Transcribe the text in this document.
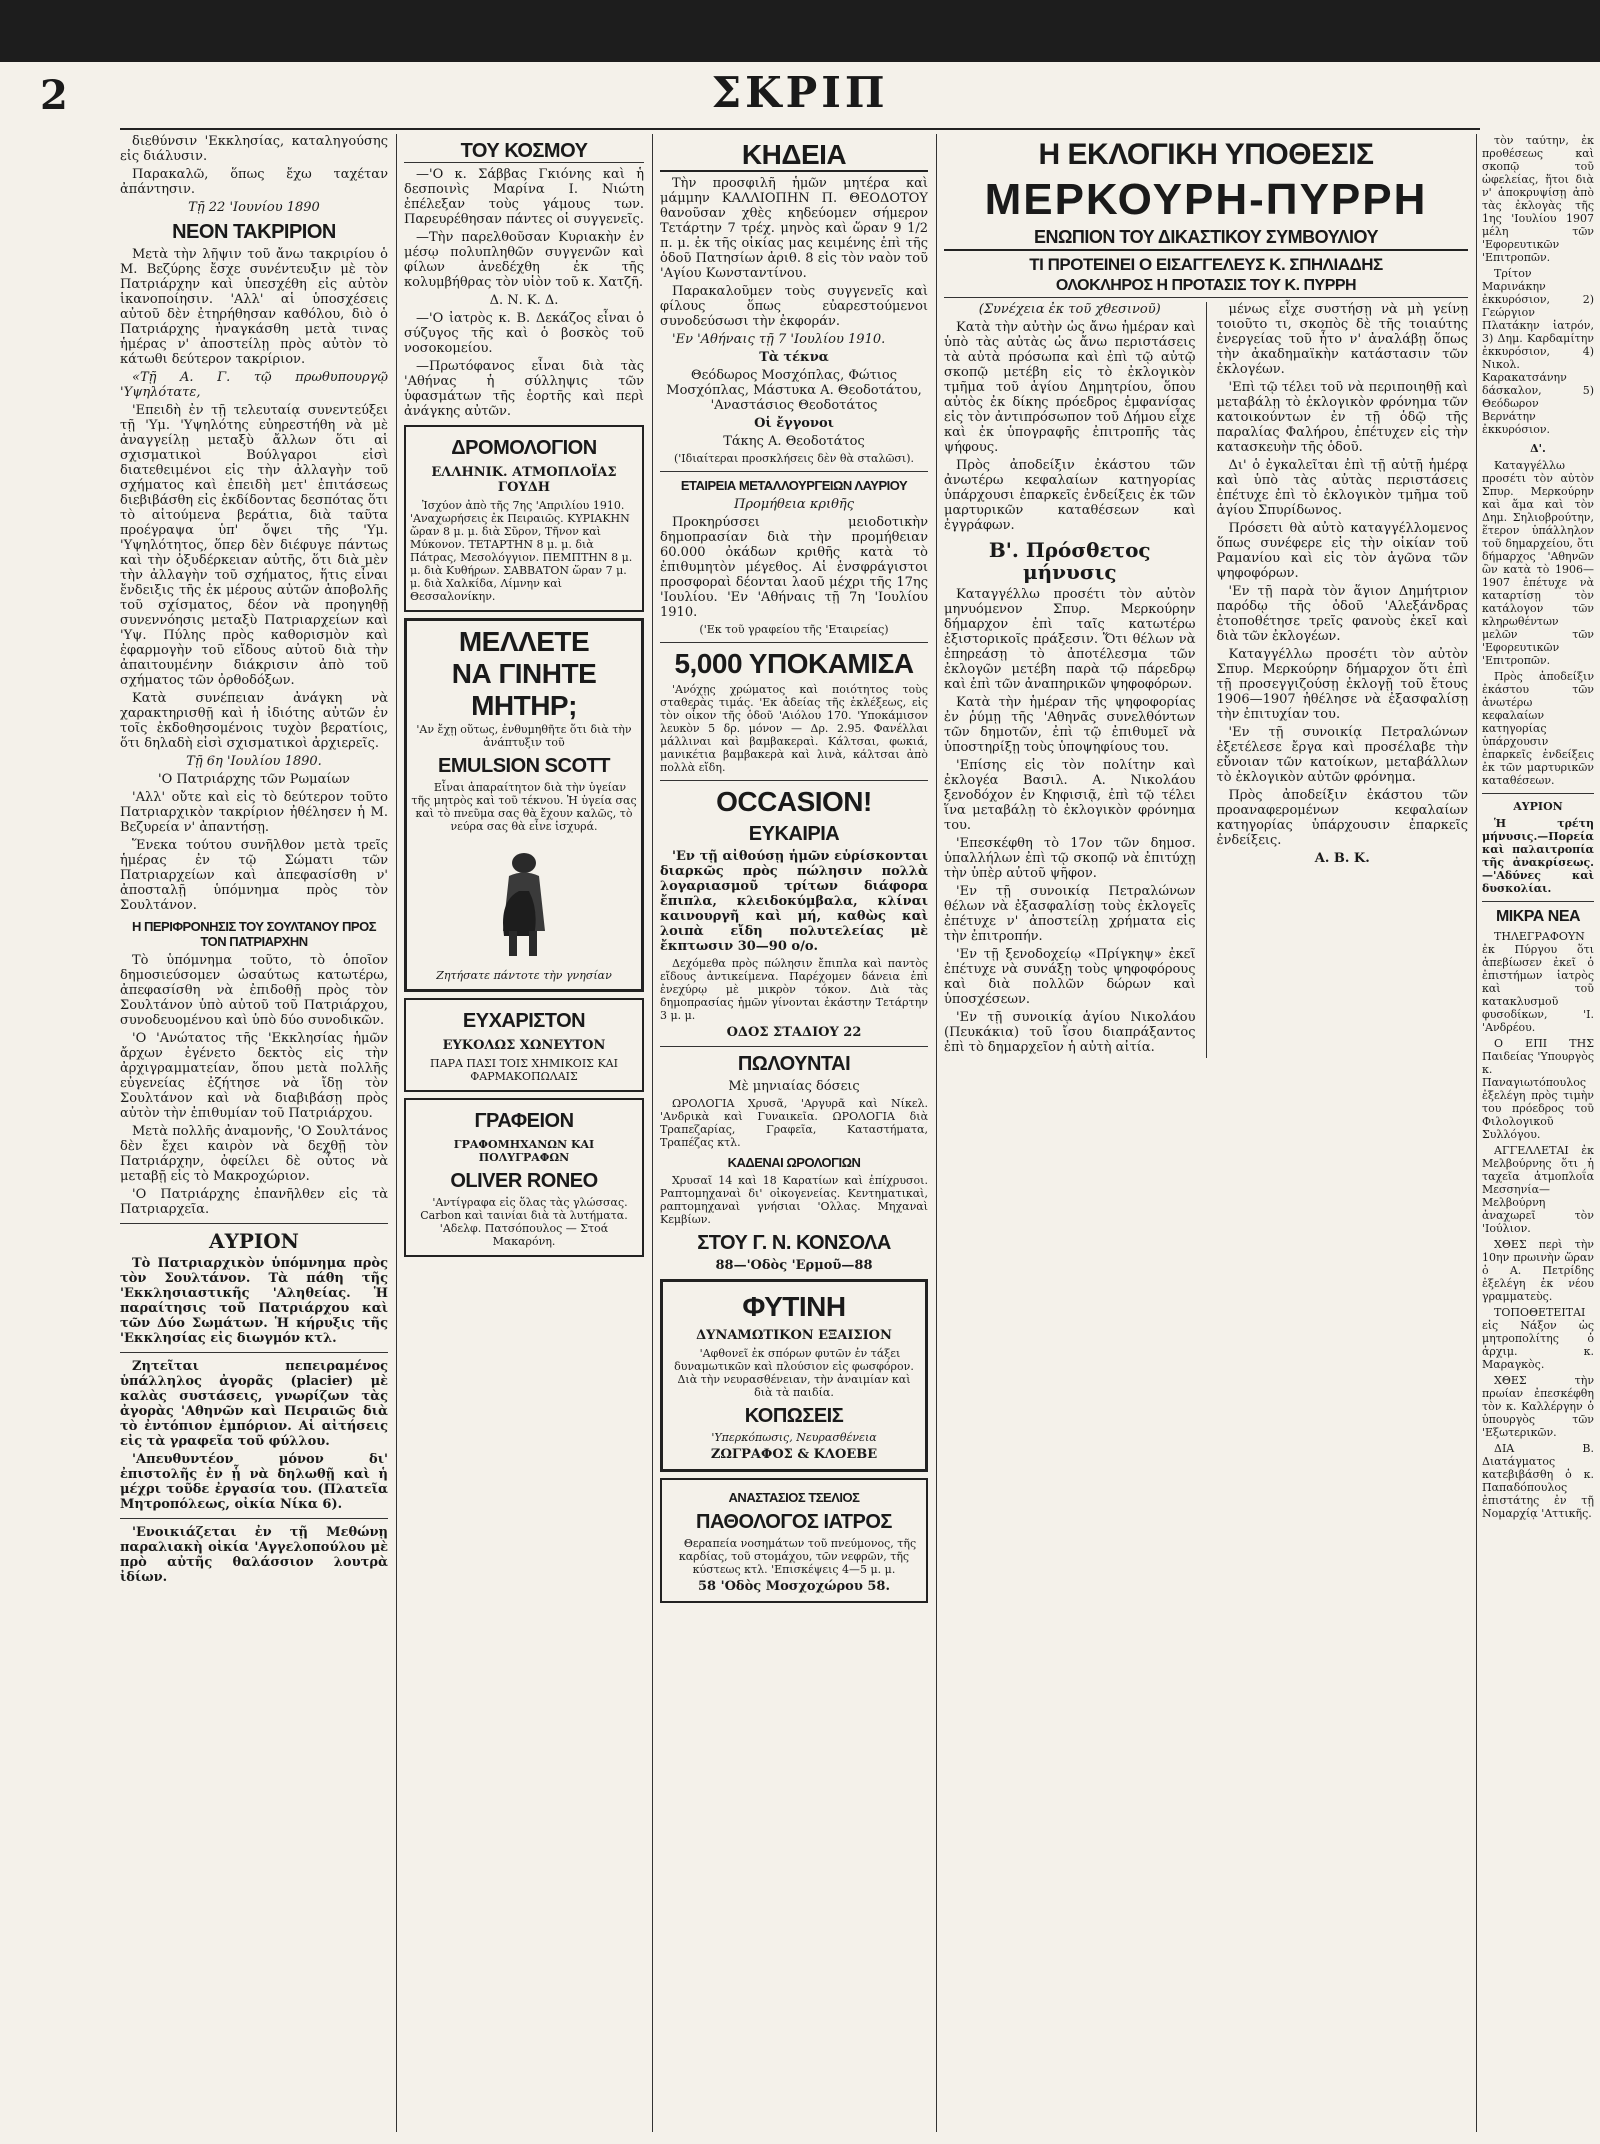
2	ΣΚΡΙΠ

διεθύνσιν 'Εκκλησίας, καταληγούσης εἰς διάλυσιν.

Παρακαλῶ, ὅπως ἔχω ταχέταν ἀπάντησιν.

Τῇ 22 'Ιουνίου 1890

ΝΕΟΝ ΤΑΚΡΙΡΙΟΝ

Μετὰ τὴν λῆψιν τοῦ ἄνω τακριρίου ὁ Μ. Βεζύρης ἔσχε συνέντευξιν μὲ τὸν Πατριάρχην καὶ ὑπεσχέθη εἰς αὐτὸν ἱκανοποίησιν. 'Αλλ' αἱ ὑποσχέσεις αὐτοῦ δὲν ἐτηρήθησαν καθόλου, διὸ ὁ Πατριάρχης ἠναγκάσθη μετὰ τινας ἡμέρας ν' ἀποστείλῃ πρὸς αὐτὸν τὸ κάτωθι δεύτερον τακρίριον.

«Τῇ Α. Γ. τῷ πρωθυπουργῷ 'Υψηλότατε,

'Επειδὴ ἐν τῇ τελευταίᾳ συνεντεύξει τῇ 'Υμ. 'Υψηλότης εὐηρεστήθη νὰ μὲ ἀναγγείλῃ μεταξὺ ἄλλων ὅτι αἱ σχισματικοὶ Βούλγαροι εἰσὶ διατεθειμένοι εἰς τὴν ἀλλαγὴν τοῦ σχήματος καὶ ἐπειδὴ μετ' ἐπιτάσεως διεβιβάσθη εἰς ἐκδίδοντας δεσπότας ὅτι τὸ αἰτούμενα βεράτια, διὰ ταῦτα προέγραψα ὑπ' ὄψει τῆς 'Υμ. 'Υψηλότητος, ὅπερ δὲν διέφυγε πάντως καὶ τὴν ὀξυδέρκειαν αὐτῆς, ὅτι διὰ μὲν τὴν ἀλλαγὴν τοῦ σχήματος, ἥτις εἶναι ἔνδειξις τῆς ἐκ μέρους αὐτῶν ἀποβολῆς τοῦ σχίσματος, δέον νὰ προηγηθῇ συνεννόησις μεταξὺ Πατριαρχείων καὶ 'Υψ. Πύλης πρὸς καθορισμὸν καὶ ἐφαρμογὴν τοῦ εἴδους αὐτοῦ διὰ τὴν ἀπαιτουμένην διάκρισιν ἀπὸ τοῦ σχήματος τῶν ὀρθοδόξων.

Κατὰ συνέπειαν ἀνάγκη νὰ χαρακτηρισθῇ καὶ ἡ ἰδιότης αὐτῶν ἐν τοῖς ἐκδοθησομένοις τυχὸν βερατίοις, ὅτι δηλαδὴ εἰσὶ σχισματικοὶ ἀρχιερεῖς.

Τῇ 6η 'Ιουλίου 1890.

'Ο Πατριάρχης τῶν Ρωμαίων

'Αλλ' οὔτε καὶ εἰς τὸ δεύτερον τοῦτο Πατριαρχικὸν τακρίριον ἠθέλησεν ἡ Μ. Βεζυρεία ν' ἀπαντήσῃ.

Ἕνεκα τούτου συνῆλθον μετὰ τρεῖς ἡμέρας ἐν τῷ Σώματι τῶν Πατριαρχείων καὶ ἀπεφασίσθη ν' ἀποσταλῇ ὑπόμνημα πρὸς τὸν Σουλτάνον.

Η ΠΕΡΙΦΡΟΝΗΣΙΣ ΤΟΥ ΣΟΥΛΤΑΝΟΥ ΠΡΟΣ ΤΟΝ ΠΑΤΡΙΑΡΧΗΝ

Τὸ ὑπόμνημα τοῦτο, τὸ ὁποῖον δημοσιεύσομεν ὡσαύτως κατωτέρω, ἀπεφασίσθη νὰ ἐπιδοθῇ πρὸς τὸν Σουλτάνον ὑπὸ αὐτοῦ τοῦ Πατριάρχου, συνοδευομένου καὶ ὑπὸ δύο συνοδικῶν.

'Ο 'Ανώτατος τῆς 'Εκκλησίας ἡμῶν ἄρχων ἐγένετο δεκτὸς εἰς τὴν ἀρχιγραμματείαν, ὅπου μετὰ πολλῆς εὐγενείας ἐζήτησε νὰ ἴδῃ τὸν Σουλτάνον καὶ νὰ διαβιβάσῃ πρὸς αὐτὸν τὴν ἐπιθυμίαν τοῦ Πατριάρχου.

Μετὰ πολλῆς ἀναμονῆς, 'Ο Σουλτάνος δὲν ἔχει καιρὸν νὰ δεχθῇ τὸν Πατριάρχην, ὀφείλει δὲ οὗτος νὰ μεταβῇ εἰς τὸ Μακροχώριον.

'Ο Πατριάρχης ἐπανῆλθεν εἰς τὰ Πατριαρχεῖα.

ΑΥΡΙΟΝ

Τὸ Πατριαρχικὸν ὑπόμνημα πρὸς τὸν Σουλτάνον. Τὰ πάθη τῆς 'Εκκλησιαστικῆς 'Αληθείας. Ἡ παραίτησις τοῦ Πατριάρχου καὶ τῶν Δύο Σωμάτων. Ἡ κήρυξις τῆς 'Εκκλησίας εἰς διωγμόν κτλ.

Ζητεῖται πεπειραμένος ὑπάλληλος ἀγορᾶς (placier) μὲ καλὰς συστάσεις, γνωρίζων τὰς ἀγορὰς 'Αθηνῶν καὶ Πειραιῶς διὰ τὸ ἐντόπιον ἐμπόριον. Αἱ αἰτήσεις εἰς τὰ γραφεῖα τοῦ φύλλου.

'Απευθυντέον μόνον δι' ἐπιστολῆς ἐν ᾗ νὰ δηλωθῇ καὶ ἡ μέχρι τοῦδε ἐργασία του. (Πλατεῖα Μητροπόλεως, οἰκία Νίκα 6).

'Ενοικιάζεται ἐν τῇ Μεθώνῃ παραλιακὴ οἰκία 'Αγγελοπούλου μὲ πρὸ αὐτῆς θαλάσσιον λουτρὰ ἰδίων.

ΤΟΥ ΚΟΣΜΟΥ

—'Ο κ. Σάββας Γκιόνης καὶ ἡ δεσποινὶς Μαρίνα Ι. Νιώτη ἐπέλεξαν τοὺς γάμους των. Παρευρέθησαν πάντες οἱ συγγενεῖς.

—Τὴν παρελθοῦσαν Κυριακὴν ἐν μέσῳ πολυπληθῶν συγγενῶν καὶ φίλων ἀνεδέχθη ἐκ τῆς κολυμβήθρας τὸν υἱὸν τοῦ κ. Χατζῆ.

Δ. Ν. Κ. Δ.

—'Ο ἰατρὸς κ. Β. Δεκάζος εἶναι ὁ σύζυγος τῆς καὶ ὁ βοσκὸς τοῦ νοσοκομείου.

—Πρωτόφανος εἶναι διὰ τὰς 'Αθήνας ἡ σύλληψις τῶν ὑφασμάτων τῆς ἑορτῆς καὶ περὶ ἀνάγκης αὐτῶν.

ΔΡΟΜΟΛΟΓΙΟΝ
ΕΛΛΗΝΙΚ. ΑΤΜΟΠΛΟΪΑΣ ΓΟΥΔΗ

Ἰσχύον ἀπὸ τῆς 7ης 'Απριλίου 1910. 'Αναχωρήσεις ἐκ Πειραιῶς. ΚΥΡΙΑΚΗΝ ὥραν 8 μ. μ. διὰ Σῦρον, Τῆνον καὶ Μύκονον. ΤΕΤΑΡΤΗΝ 8 μ. μ. διὰ Πάτρας, Μεσολόγγιον. ΠΕΜΠΤΗΝ 8 μ. μ. διὰ Κυθήρων. ΣΑΒΒΑΤΟΝ ὥραν 7 μ. μ. διὰ Χαλκίδα, Λίμνην καὶ Θεσσαλονίκην.

ΜΕΛΛΕΤΕ
ΝΑ ΓΙΝΗΤΕ
ΜΗΤΗΡ;

'Αν ἔχῃ οὕτως, ἐνθυμηθῆτε ὅτι διὰ τὴν ἀνάπτυξιν τοῦ

EMULSION SCOTT

Εἶναι ἀπαραίτητον διὰ τὴν ὑγείαν τῆς μητρὸς καὶ τοῦ τέκνου. Ἡ ὑγεία σας καὶ τὸ πνεῦμα σας θὰ ἔχουν καλῶς, τὸ νεύρα σας θὰ εἶνε ἰσχυρά.

Ζητήσατε πάντοτε τὴν γνησίαν

ΕΥΧΑΡΙΣΤΟΝ
ΕΥΚΟΛΩΣ ΧΩΝΕΥΤΟΝ

ΠΑΡΑ ΠΑΣΙ ΤΟΙΣ ΧΗΜΙΚΟΙΣ ΚΑΙ ΦΑΡΜΑΚΟΠΩΛΑΙΣ

ΓΡΑΦΕΙΟΝ
ΓΡΑΦΟΜΗΧΑΝΩΝ ΚΑΙ ΠΟΛΥΓΡΑΦΩΝ
OLIVER RONEO

'Αντίγραφα εἰς ὅλας τὰς γλώσσας. Carbon καὶ ταινίαι διὰ τὰ λυτήματα. 'Αδελφ. Πατσόπουλος — Στοά Μακαρόνη.

ΚΗΔΕΙΑ

Τὴν προσφιλῆ ἡμῶν μητέρα καὶ μάμμην ΚΑΛΛΙΟΠΗΝ Π. ΘΕΟΔΟΤΟΥ θανοῦσαν χθὲς κηδεύομεν σήμερον Τετάρτην 7 τρέχ. μηνὸς καὶ ὥραν 9 1/2 π. μ. ἐκ τῆς οἰκίας μας κειμένης ἐπὶ τῆς ὁδοῦ Πατησίων ἀριθ. 8 εἰς τὸν ναὸν τοῦ 'Αγίου Κωνσταντίνου.

Παρακαλοῦμεν τοὺς συγγενεῖς καὶ φίλους ὅπως εὐαρεστούμενοι συνοδεύσωσι τὴν ἐκφοράν.

'Εν 'Αθήναις τῇ 7 'Ιουλίου 1910.

Τὰ τέκνα

Θεόδωρος Μοσχόπλας, Φώτιος Μοσχόπλας, Μάστυκα Α. Θεοδοτάτου, 'Αναστάσιος Θεοδοτάτος

Οἱ ἔγγονοι

Τάκης Α. Θεοδοτάτος

('Ιδιαίτεραι προσκλήσεις δὲν θὰ σταλῶσι).

ΕΤΑΙΡΕΙΑ ΜΕΤΑΛΛΟΥΡΓΕΙΩΝ ΛΑΥΡΙΟΥ

Προμήθεια κριθῆς

Προκηρύσσει μειοδοτικὴν δημοπρασίαν διὰ τὴν προμήθειαν 60.000 ὀκάδων κριθῆς κατὰ τὸ ἐπιθυμητὸν μέγεθος. Αἱ ἐνσφράγιστοι προσφοραὶ δέονται λαοῦ μέχρι τῆς 17ης 'Ιουλίου. 'Εν 'Αθήναις τῇ 7η 'Ιουλίου 1910.

('Εκ τοῦ γραφείου τῆς 'Εταιρείας)

5,000 ΥΠΟΚΑΜΙΣΑ

'Ανόχῃς χρώματος καὶ ποιότητος τοὺς σταθερὰς τιμάς. 'Εκ ἀδείας τῆς ἐκλέξεως, εἰς τὸν οἶκον τῆς ὁδοῦ 'Αιόλου 170. 'Υποκάμισον λευκὸν 5 δρ. μόνον — Δρ. 2.95. Φανέλλαι μάλλιναι καὶ βαμβακεραὶ. Κάλτσαι, φωκιά, μανικέτια βαμβακερὰ καὶ λινὰ, κάλτσαι ἀπὸ πολλὰ εἴδη.

OCCASION!
ΕΥΚΑΙΡΙΑ

'Εν τῇ αἰθούσῃ ἡμῶν εὑρίσκονται διαρκῶς πρὸς πώλησιν πολλὰ λογαριασμοῦ τρίτων διάφορα ἔπιπλα, κλειδοκύμβαλα, κλίναι καινουργῆ καὶ μή, καθὼς καὶ λοιπὰ εἴδη πολυτελείας μὲ ἔκπτωσιν 30—90 ο/ο.

Δεχόμεθα πρὸς πώλησιν ἔπιπλα καὶ παντὸς εἴδους ἀντικείμενα. Παρέχομεν δάνεια ἐπὶ ἐνεχύρῳ μὲ μικρὸν τόκον. Διὰ τὰς δημοπρασίας ἡμῶν γίνονται ἐκάστην Τετάρτην 3 μ. μ.

ΟΔΟΣ ΣΤΑΔΙΟΥ 22

ΠΩΛΟΥΝΤΑΙ

Μὲ μηνιαίας δόσεις

ΩΡΟΛΟΓΙΑ Χρυσᾶ, 'Αργυρᾶ καὶ Νίκελ. 'Ανδρικὰ καὶ Γυναικεῖα. ΩΡΟΛΟΓΙΑ διὰ Τραπεζαρίας, Γραφεῖα, Καταστήματα, Τραπέζας κτλ.

ΚΑΔΕΝΑΙ ΩΡΟΛΟΓΙΩΝ

Χρυσαῖ 14 καὶ 18 Καρατίων καὶ ἐπίχρυσοι. Ραπτομηχαναὶ δι' οἰκογενείας. Κεντηματικαὶ, ραπτομηχαναὶ γνήσιαι 'Ολλας. Μηχαναὶ Κεμβίων.

ΣΤΟΥ Γ. Ν. ΚΟΝΣΟΛΑ

88—'Οδὸς 'Ερμοῦ—88

ΦΥΤΙΝΗ
ΔΥΝΑΜΩΤΙΚΟΝ ΕΞΑΙΣΙΟΝ

'Αφθονεῖ ἐκ σπόρων φυτῶν ἐν τάξει δυναμωτικῶν καὶ πλούσιον εἰς φωσφόρον. Διὰ τὴν νευρασθένειαν, τὴν ἀναιμίαν καὶ διὰ τὰ παιδία.

ΚΟΠΩΣΕΙΣ

'Υπερκόπωσις, Νευρασθένεια

ΖΩΓΡΑΦΟΣ & ΚΛΟΕΒΕ

ΑΝΑΣΤΑΣΙΟΣ ΤΣΕΛΙΟΣ
ΠΑΘΟΛΟΓΟΣ ΙΑΤΡΟΣ

Θεραπεία νοσημάτων τοῦ πνεύμονος, τῆς καρδίας, τοῦ στομάχου, τῶν νεφρῶν, τῆς κύστεως κτλ. 'Επισκέψεις 4—5 μ. μ.

58 'Οδὸς Μοσχοχώρου 58.

Η ΕΚΛΟΓΙΚΗ ΥΠΟΘΕΣΙΣ
ΜΕΡΚΟΥΡΗ-ΠΥΡΡΗ
ΕΝΩΠΙΟΝ ΤΟΥ ΔΙΚΑΣΤΙΚΟΥ ΣΥΜΒΟΥΛΙΟΥ
ΤΙ ΠΡΟΤΕΙΝΕΙ Ο ΕΙΣΑΓΓΕΛΕΥΣ Κ. ΣΠΗΛΙΑΔΗΣ
ΟΛΟΚΛΗΡΟΣ Η ΠΡΟΤΑΣΙΣ ΤΟΥ Κ. ΠΥΡΡΗ

(Συνέχεια ἐκ τοῦ χθεσινοῦ)

Κατὰ τὴν αὐτὴν ὡς ἄνω ἡμέραν καὶ ὑπὸ τὰς αὐτὰς ὡς ἄνω περιστάσεις τὰ αὐτὰ πρόσωπα καὶ ἐπὶ τῷ αὐτῷ σκοπῷ μετέβη εἰς τὸ ἐκλογικὸν τμῆμα τοῦ ἁγίου Δημητρίου, ὅπου αὐτὸς ἐκ δίκης πρόεδρος ἐμφανίσας εἰς τὸν ἀντιπρόσωπον τοῦ Δήμου εἶχε καὶ ἐκ ὑπογραφῆς ἐπιτροπῆς τὰς ψήφους.

Πρὸς ἀποδείξιν ἐκάστου τῶν ἀνωτέρω κεφαλαίων κατηγορίας ὑπάρχουσι ἐπαρκεῖς ἐνδείξεις ἐκ τῶν μαρτυρικῶν καταθέσεων καὶ ἐγγράφων.

Β'. Πρόσθετος μήνυσις

Καταγγέλλω προσέτι τὸν αὐτὸν μηνυόμενον Σπυρ. Μερκούρην δήμαρχον ἐπὶ ταῖς κατωτέρω ἐξιστορικοῖς πράξεσιν. Ὅτι θέλων νὰ ἐπηρεάσῃ τὸ ἀποτέλεσμα τῶν ἐκλογῶν μετέβη παρὰ τῷ πάρεδρῳ καὶ ἐπὶ τῶν ἀναπηρικῶν ψηφοφόρων.

Κατὰ τὴν ἡμέραν τῆς ψηφοφορίας ἐν ῥύμῃ τῆς 'Αθηνᾶς συνελθόντων τῶν δημοτῶν, ἐπὶ τῷ ἐπιθυμεῖ νὰ ὑποστηρίξῃ τοὺς ὑποψηφίους του.

'Επίσης εἰς τὸν πολίτην καὶ ἐκλογέα Βασιλ. Α. Νικολάου ξενοδόχον ἐν Κηφισιᾷ, ἐπὶ τῷ τέλει ἵνα μεταβάλῃ τὸ ἐκλογικὸν φρόνημα του.

'Επεσκέφθη τὸ 17ον τῶν δημοσ. ὑπαλλήλων ἐπὶ τῷ σκοπῷ νὰ ἐπιτύχῃ τὴν ὑπὲρ αὐτοῦ ψῆφον.

'Εν τῇ συνοικίᾳ Πετραλώνων θέλων νὰ ἐξασφαλίσῃ τοὺς ἐκλογεῖς ἐπέτυχε ν' ἀποστείλῃ χρήματα εἰς τὴν ἐπιτροπήν.

'Εν τῇ ξενοδοχείῳ «Πρίγκηψ» ἐκεῖ ἐπέτυχε νὰ συνάξῃ τοὺς ψηφοφόρους καὶ διὰ πολλῶν δώρων καὶ ὑποσχέσεων.

'Εν τῇ συνοικίᾳ ἁγίου Νικολάου (Πευκάκια) τοῦ ἴσου διαπράξαντος ἐπὶ τὸ δημαρχεῖον ἡ αὐτὴ αἰτία.

μένως εἶχε συστήσῃ νὰ μὴ γείνῃ τοιοῦτο τι, σκοπὸς δὲ τῆς τοιαύτης ἐνεργείας τοῦ ἦτο ν' ἀναλάβῃ ὅπως τὴν ἀκαδημαϊκὴν κατάστασιν τῶν ἐκλογέων.

'Επὶ τῷ τέλει τοῦ νὰ περιποιηθῇ καὶ μεταβάλῃ τὸ ἐκλογικὸν φρόνημα τῶν κατοικούντων ἐν τῇ ὁδῷ τῆς παραλίας Φαλήρου, ἐπέτυχεν εἰς τὴν κατασκευὴν τῆς ὁδοῦ.

Δι' ὁ ἐγκαλεῖται ἐπὶ τῇ αὐτῇ ἡμέρᾳ καὶ ὑπὸ τὰς αὐτὰς περιστάσεις ἐπέτυχε ἐπὶ τὸ ἐκλογικὸν τμῆμα τοῦ ἁγίου Σπυρίδωνος.

Πρόσετι θὰ αὐτὸ καταγγέλλομενος ὅπως συνέφερε εἰς τὴν οἰκίαν τοῦ Ραμανίου καὶ εἰς τὸν ἀγῶνα τῶν ψηφοφόρων.

'Εν τῇ παρὰ τὸν ἅγιον Δημήτριον παρόδῳ τῆς ὁδοῦ 'Αλεξάνδρας ἐτοποθέτησε τρεῖς φανοὺς ἐκεῖ καὶ διὰ τῶν ἐκλογέων.

Καταγγέλλω προσέτι τὸν αὐτὸν Σπυρ. Μερκούρην δήμαρχον ὅτι ἐπὶ τῇ προσεγγιζούσῃ ἐκλογῇ τοῦ ἔτους 1906—1907 ἠθέλησε νὰ ἐξασφαλίσῃ τὴν ἐπιτυχίαν του.

'Εν τῇ συνοικίᾳ Πετραλώνων ἐξετέλεσε ἔργα καὶ προσέλαβε τὴν εὔνοιαν τῶν κατοίκων, μεταβάλλων τὸ ἐκλογικὸν αὐτῶν φρόνημα.

Πρὸς ἀποδείξιν ἐκάστου τῶν προαναφερομένων κεφαλαίων κατηγορίας ὑπάρχουσιν ἐπαρκεῖς ἐνδείξεις.

Α. Β. Κ.

τὸν ταύτην, ἐκ προθέσεως καὶ σκοπῷ τοῦ ὠφελείας, ἥτοι διὰ ν' ἀποκρυψίσῃ ἀπὸ τὰς ἐκλογὰς τῆς 1ης 'Ιουλίου 1907 μέλη τῶν 'Εφορευτικῶν 'Επιτροπῶν.

Τρίτον Μαρινάκην ἐκκυρόσιον, 2) Γεώργιον Πλατάκην ἰατρόν, 3) Δημ. Καρδαμίτην ἐκκυρόσιον, 4) Νικολ. Καρακατσάνην δάσκαλον, 5) Θεόδωρον Βερνάτην ἐκκυρόσιον.

Δ'.

Καταγγέλλω προσέτι τὸν αὐτὸν Σπυρ. Μερκούρην καὶ ἅμα καὶ τὸν Δημ. Σηλιοβρούτην, ἕτερον ὑπάλληλον τοῦ δημαρχείου, ὅτι δήμαρχος 'Αθηνῶν ὢν κατὰ τὸ 1906—1907 ἐπέτυχε νὰ καταρτίσῃ τὸν κατάλογον τῶν κληρωθέντων μελῶν τῶν 'Εφορευτικῶν 'Επιτροπῶν.

Πρὸς ἀποδείξιν ἐκάστου τῶν ἀνωτέρω κεφαλαίων κατηγορίας ὑπάρχουσιν ἐπαρκεῖς ἐνδείξεις ἐκ τῶν μαρτυρικῶν καταθέσεων.

ΑΥΡΙΟΝ

Ἡ τρέτη μήνυσις.—Πορεία καὶ παλαιτροπία τῆς ἀνακρίσεως.—'Αδύνες καὶ δυσκολίαι.

ΜΙΚΡΑ ΝΕΑ

ΤΗΛΕΓΡΑΦΟΥΝ ἐκ Πύργου ὅτι ἀπεβίωσεν ἐκεῖ ὁ ἐπιστήμων ἰατρὸς καὶ τοῦ κατακλυσμοῦ φυσοδίκων, 'Ι. 'Ανδρέου.

Ο ΕΠΙ ΤΗΣ Παιδείας 'Υπουργὸς κ. Παναγιωτόπουλος ἐξελέγη πρὸς τιμὴν του πρόεδρος τοῦ Φιλολογικοῦ Συλλόγου.

ΑΓΓΕΛΛΕΤΑΙ ἐκ Μελβούρνης ὅτι ἡ ταχεῖα ἀτμοπλοΐα Μεσσηνία—Μελβούρνη ἀναχωρεῖ τὸν 'Ιούλιον.

ΧΘΕΣ περὶ τὴν 10ην πρωινὴν ὥραν ὁ Α. Πετρίδης ἐξελέγη ἐκ νέου γραμματεὺς.

ΤΟΠΟΘΕΤΕΙΤΑΙ εἰς Νάξον ὡς μητροπολίτης ὁ ἀρχιμ. κ. Μαραγκὸς.

ΧΘΕΣ τὴν πρωίαν ἐπεσκέφθη τὸν κ. Καλλέργην ὁ ὑπουργὸς τῶν 'Εξωτερικῶν.

ΔΙΑ Β. Διατάγματος κατεβιβάσθη ὁ κ. Παπαδόπουλος ἐπιστάτης ἐν τῇ Νομαρχίᾳ 'Αττικῆς.
